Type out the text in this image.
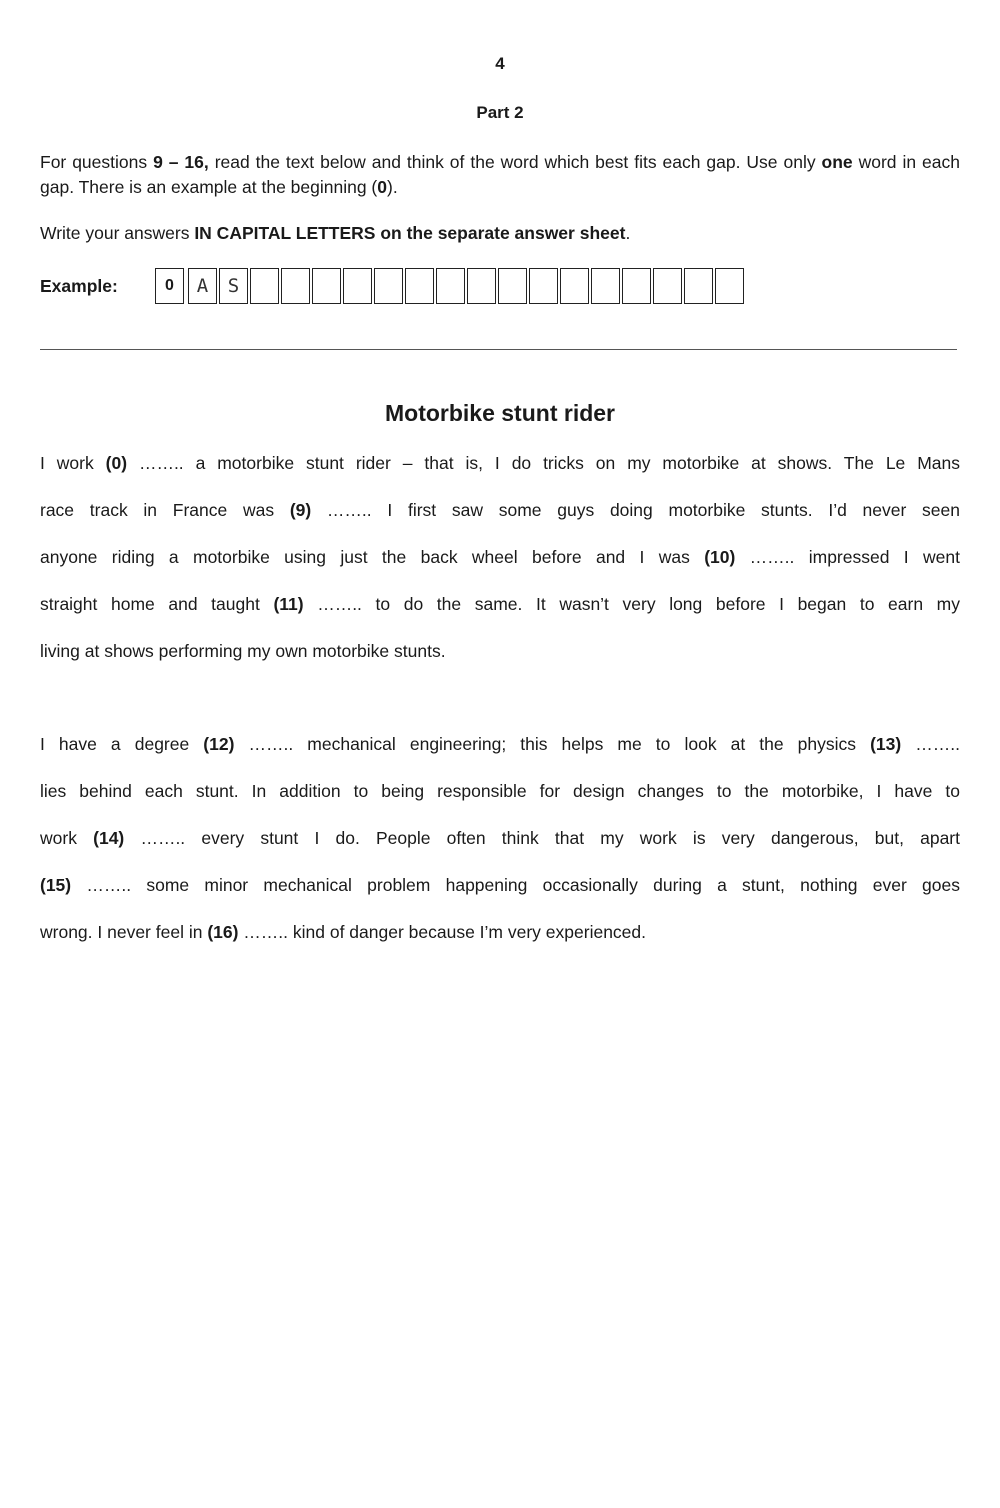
4
Part 2

For questions 9 – 16, read the text below and think of the word which best fits each gap. Use only one word in each gap. There is an example at the beginning (0).

Write your answers IN CAPITAL LETTERS on the separate answer sheet.

Example:	0	A	S
Motorbike stunt rider
I work (0) …….. a motorbike stunt rider – that is, I do tricks on my motorbike at shows. The Le Mans
race track in France was (9) …….. I first saw some guys doing motorbike stunts. I’d never seen
anyone riding a motorbike using just the back wheel before and I was (10) …….. impressed I went
straight home and taught (11) …….. to do the same. It wasn’t very long before I began to earn my
living at shows performing my own motorbike stunts.
I have a degree (12) …….. mechanical engineering; this helps me to look at the physics (13) ……..
lies behind each stunt. In addition to being responsible for design changes to the motorbike, I have to
work (14) …….. every stunt I do. People often think that my work is very dangerous, but, apart
(15) …….. some minor mechanical problem happening occasionally during a stunt, nothing ever goes
wrong. I never feel in (16) …….. kind of danger because I’m very experienced.
